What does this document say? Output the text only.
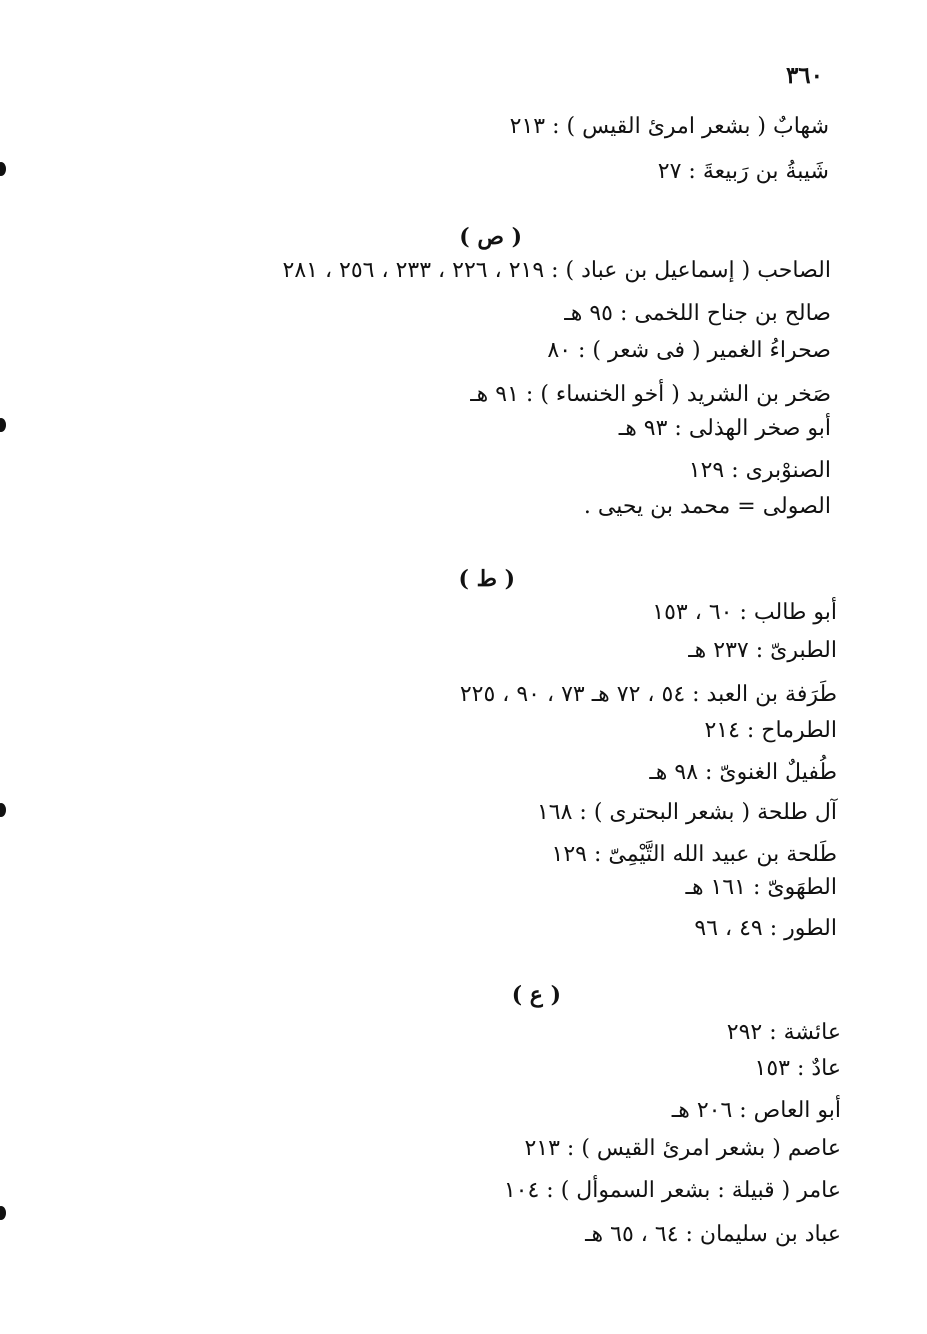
٣٦٠
شهابٌ ( بشعر امرئ القيس ) : ٢١٣
شَيبةُ بن رَبيعةَ : ٢٧
( ص )
الصاحب ( إسماعيل بن عباد ) : ٢١٩ ، ٢٢٦ ، ٢٣٣ ، ٢٥٦ ، ٢٨١
صالح بن جناح اللخمى : ٩٥ هـ
صحراءُ الغمير ( فى شعر ) : ٨٠
صَخر بن الشريد ( أخو الخنساء ) : ٩١ هـ
أبو صخر الهذلى : ٩٣ هـ
الصنوْبرى : ١٢٩
الصولى = محمد بن يحيى .
( ط )
أبو طالب : ٦٠ ، ١٥٣
الطبرىّ : ٢٣٧ هـ
طَرَفة بن العبد : ٥٤ ، ٧٢ هـ ٧٣ ، ٩٠ ، ٢٢٥
الطرماح : ٢١٤
طُفيلٌ الغنوىّ : ٩٨ هـ
آل طلحة ( بشعر البحترى ) : ١٦٨
طَلحة بن عبيد الله التَّيْمِىّ : ١٢٩
الطهَوىّ : ١٦١ هـ
الطور : ٤٩ ، ٩٦
( ع )
عائشة : ٢٩٢
عادٌ : ١٥٣
أبو العاص : ٢٠٦ هـ
عاصم ( بشعر امرئ القيس ) : ٢١٣
عامر ( قبيلة : بشعر السموأل ) : ١٠٤
عباد بن سليمان : ٦٤ ، ٦٥ هـ
